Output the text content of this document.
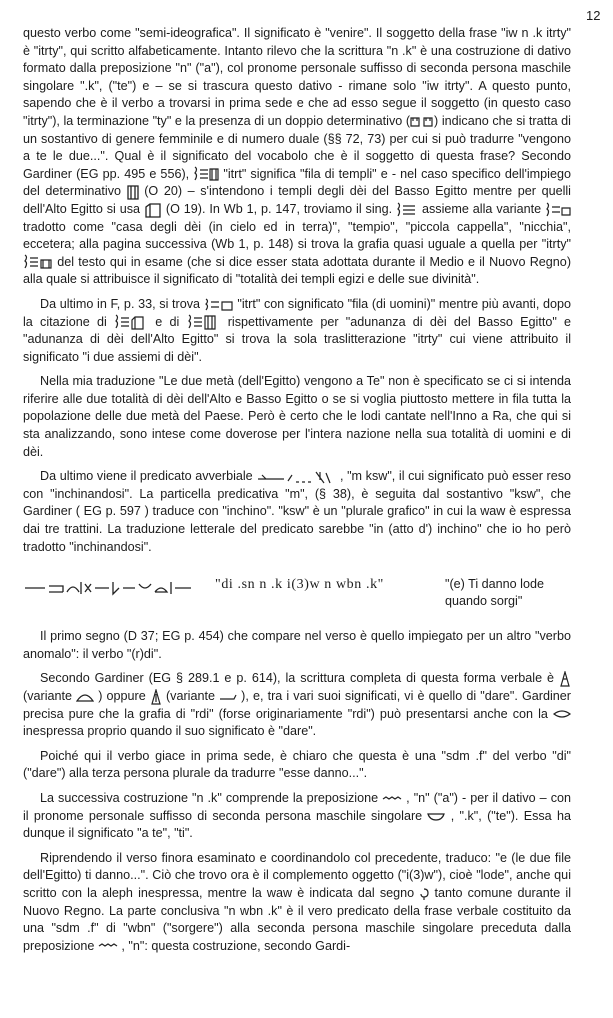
12

questo verbo come "semi-ideografica". Il significato è "venire". Il soggetto della frase "iw n .k itrty" è "itrty", qui scritto alfabeticamente. Intanto rilevo che la scrittura "n .k" è una costruzione di dativo formato dalla preposizione "n" ("a"), col pronome personale suffisso di seconda persona maschile singolare ".k", ("te") e – se si trascura questo dativo - rimane solo "iw itrty". A questo punto, sapendo che è il verbo a trovarsi in prima sede e che ad esso segue il soggetto (in questo caso "itrty"), la terminazione "ty" e la presenza di un doppio determinativo ( ) indicano che si tratta di un sostantivo di genere femminile e di numero duale (§§ 72, 73) per cui si può tradurre "vengono a te le due...". Qual è il significato del vocabolo che è il soggetto di questa frase? Secondo Gardiner (EG pp. 495 e 556),	"itrt" significa "fila di templi" e - nel caso specifico dell'impiego del determinativo (O 20) – s'intendono i templi degli dèi del Basso Egitto mentre per quelli dell'Alto Egitto si usa (O 19). In Wb 1, p. 147, troviamo il sing. assieme alla variante  tradotto come "casa degli dèi (in cielo ed in terra)", "tempio", "piccola cappella", "nicchia", eccetera; alla pagina successiva (Wb 1, p. 148) si trova la grafia quasi uguale a quella per "itrty"  del testo qui in esame (che si dice esser stata adottata durante il Medio e il Nuovo Regno) alla quale si attribuisce il significato di "totalità dei templi egizi e delle sue divinità".

Da ultimo in F, p. 33, si trova	"itrt" con significato "fila (di uomini)" mentre più avanti, dopo la citazione di	e di	rispettivamente per "adunanza di dèi del Basso Egitto" e "adunanza di dèi dell'Alto Egitto" si trova la sola traslitterazione "itrty" cui viene attribuito il significato "i due assiemi di dèi".

Nella mia traduzione "Le due metà (dell'Egitto) vengono a Te" non è specificato se ci si intenda riferire alle due totalità di dèi dell'Alto e Basso Egitto o se si voglia piuttosto mettere in fila tutta la popolazione delle due metà del Paese. Però è certo che le lodi cantate nell'Inno a Ra, che qui si sta analizzando, sono intese come doverose per l'intera nazione nella sua totalità di uomini e di dèi.

Da ultimo viene il predicato avverbiale	, "m ksw", il cui significato può esser reso con "inchinandosi". La particella predicativa "m", (§ 38), è seguita dal sostantivo "ksw", che Gardiner ( EG p. 597 ) traduce con "inchino". "ksw" è un "plurale grafico" in cui la waw è espressa dai tre trattini. La traduzione letterale del predicato sarebbe "in (atto d') inchino" che io ho però tradotto "inchinandosi".

"di .sn n .k i(3)w n wbn .k"	"(e) Ti danno lode quando sorgi"

Il primo segno (D 37; EG p. 454) che compare nel verso è quello impiegato per un altro "verbo anomalo": il verbo "(r)di".

Secondo Gardiner (EG § 289.1 e p. 614), la scrittura completa di questa forma verbale è  (variante ) oppure (variante ), e, tra i vari suoi significati, vi è quello di "dare". Gardiner precisa pure che la grafia di "rdi" (forse originariamente "rdi") può presentarsi anche con la  inespressa proprio quando il suo significato è "dare".

Poiché qui il verbo giace in prima sede, è chiaro che questa è una "sdm .f" del verbo "di" ("dare") alla terza persona plurale da tradurre "esse danno...".

La successiva costruzione "n .k" comprende la preposizione , "n" ("a") - per il dativo – con il pronome personale suffisso di seconda persona maschile singolare , ".k", ("te"). Essa ha dunque il significato "a te", "ti".

Riprendendo il verso finora esaminato e coordinandolo col precedente, traduco: "e (le due file dell'Egitto) ti danno...". Ciò che trovo ora è il complemento oggetto ("i(3)w"), cioè "lode", anche qui scritto con la aleph inespressa, mentre la waw è indicata dal segno tanto comune durante il Nuovo Regno. La parte conclusiva "n wbn .k" è il vero predicato della frase verbale costituito da una "sdm .f" di "wbn" ("sorgere") alla seconda persona maschile singolare preceduta dalla preposizione , "n": questa costruzione, secondo Gardi-
